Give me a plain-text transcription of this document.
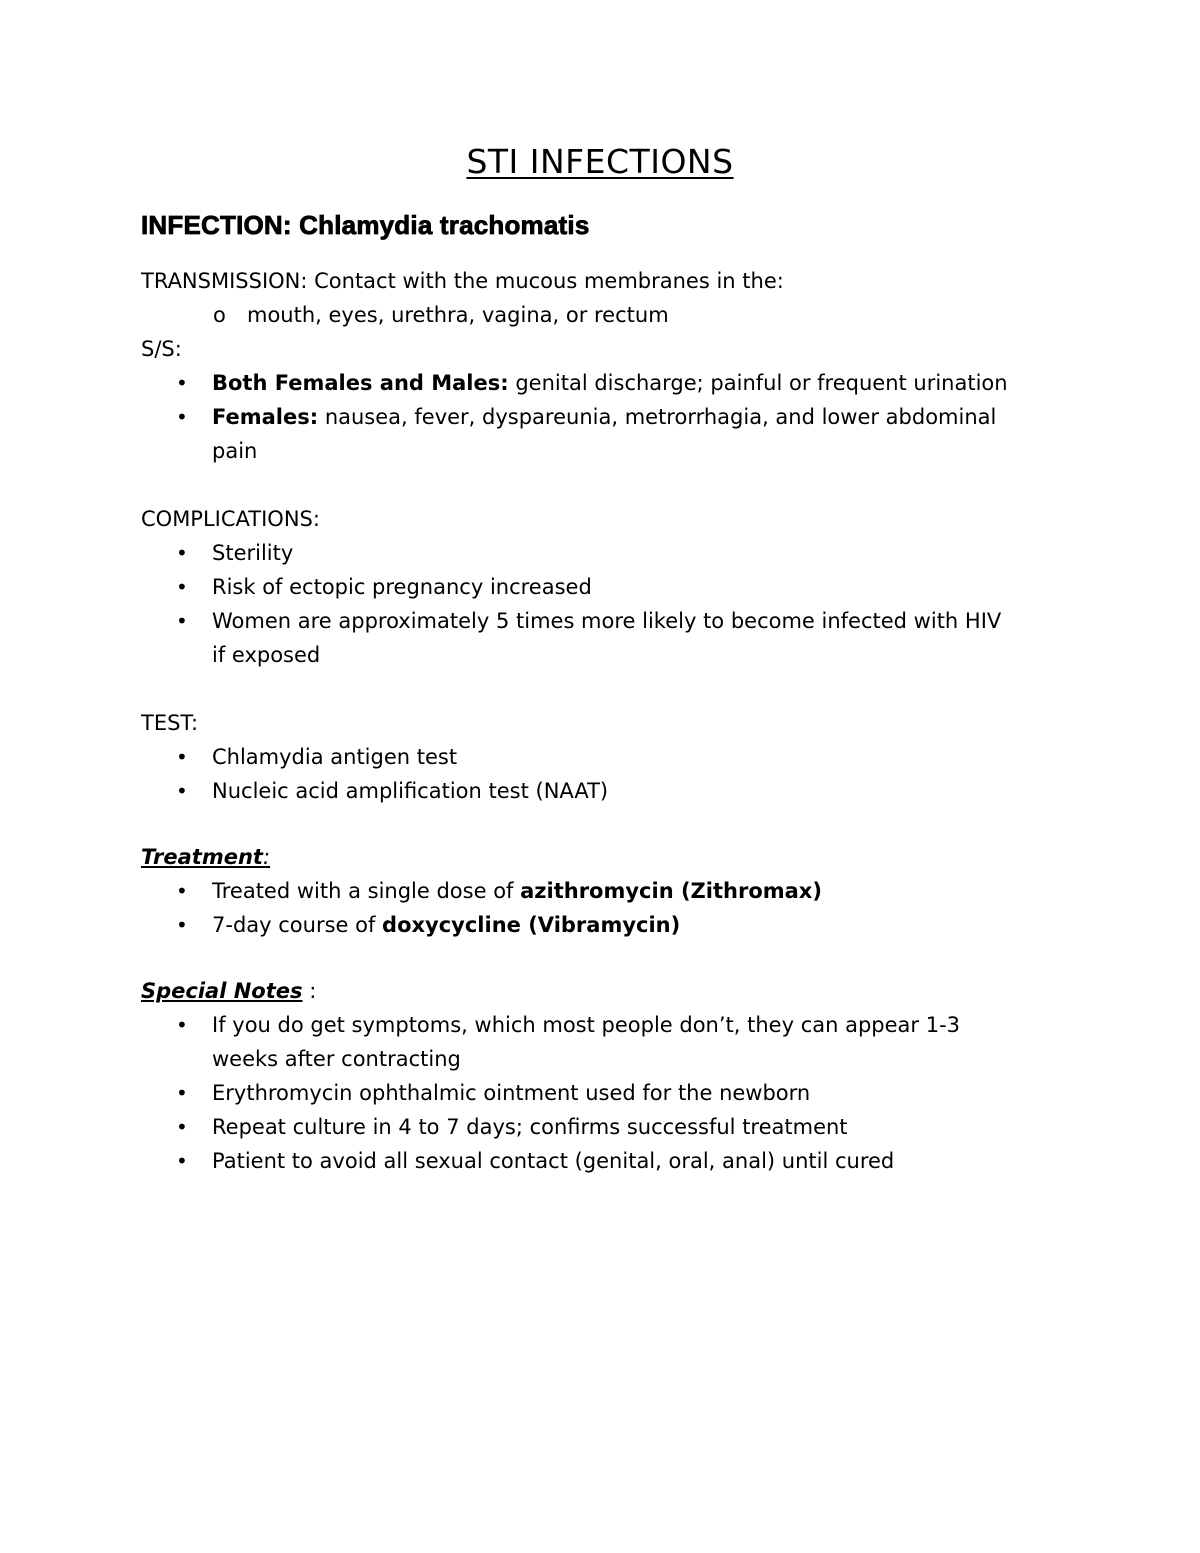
STI INFECTIONS
INFECTION: Chlamydia trachomatis
TRANSMISSION: Contact with the mucous membranes in the:
o mouth, eyes, urethra, vagina, or rectum
S/S:
• Both Females and Males: genital discharge; painful or frequent urination
• Females: nausea, fever, dyspareunia, metrorrhagia, and lower abdominal
pain
COMPLICATIONS:
• Sterility
• Risk of ectopic pregnancy increased
• Women are approximately 5 times more likely to become infected with HIV
if exposed
TEST:
• Chlamydia antigen test
• Nucleic acid amplification test (NAAT)
Treatment:
• Treated with a single dose of azithromycin (Zithromax)
• 7-day course of doxycycline (Vibramycin)
Special Notes :
• If you do get symptoms, which most people don’t, they can appear 1-3
weeks after contracting
• Erythromycin ophthalmic ointment used for the newborn
• Repeat culture in 4 to 7 days; confirms successful treatment
• Patient to avoid all sexual contact (genital, oral, anal) until cured
